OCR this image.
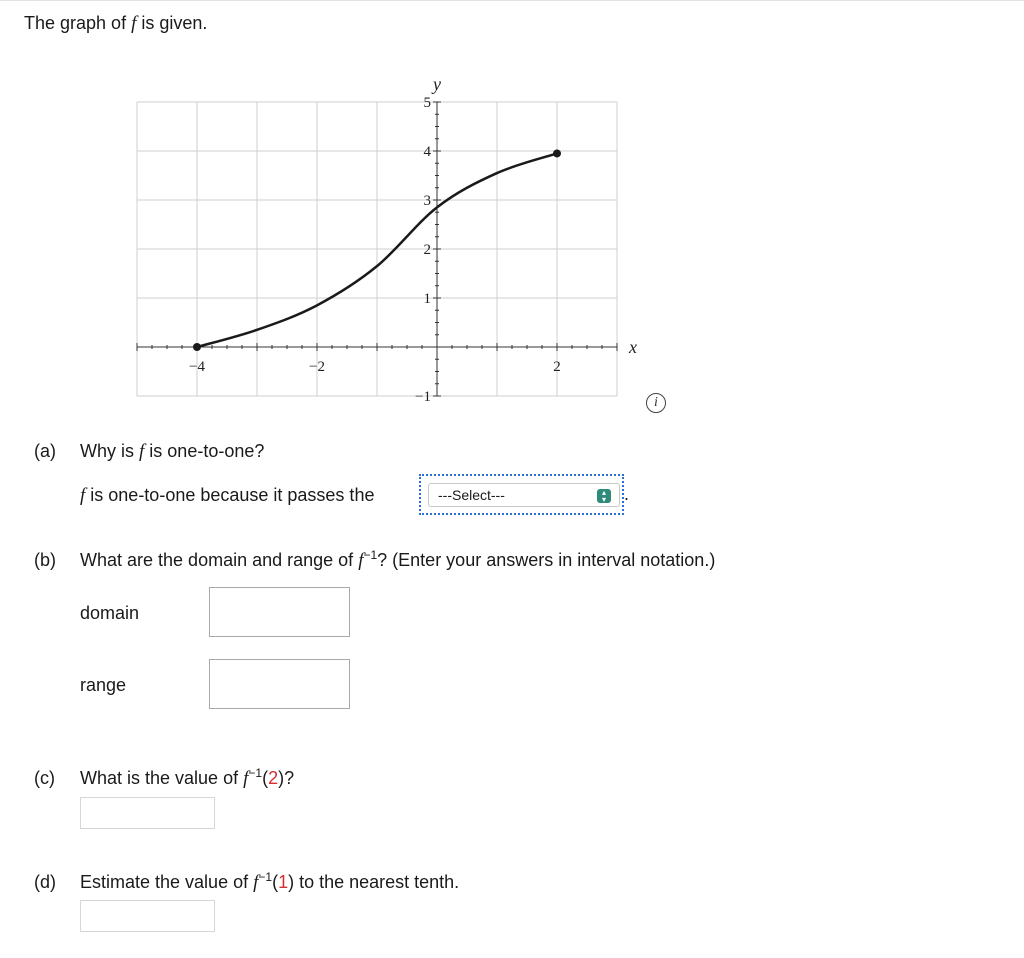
The graph of f is given.
−4	−2	2
5
4
3
2
1
−1
y
x
i
(a) Why is f is one-to-one?
f is one-to-one because it passes the	---Select---	▴
▾ .
(b) What are the domain and range of $f^{-1}$? (Enter your answers in interval notation.)
domain
range
(c) What is the value of $f^{-1}(2)$?
(d) Estimate the value of $f^{-1}(1)$ to the nearest tenth.
